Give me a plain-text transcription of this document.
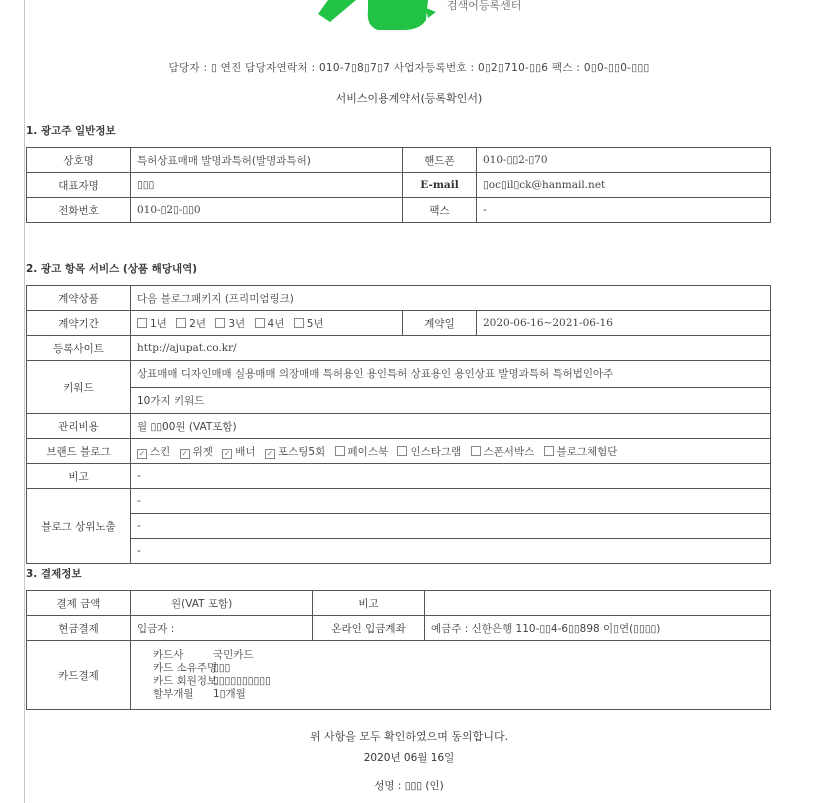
검색어등록센터
담당자 : ▯ 연진 담당자연락처 : 010-7▯8▯7▯7 사업자등록번호 : 0▯2▯710-▯▯6 팩스 : 0▯0-▯▯0-▯▯▯
서비스이용계약서(등록확인서)
1. 광고주 일반정보
상호명	특허상표매매 발명과특허(발명과특허)	핸드폰	010-▯▯2-▯70
대표자명	▯▯▯	E-mail	▯oc▯il▯ck@hanmail.net
전화번호	010-▯2▯-▯▯0	팩스	-
2. 광고 항목 서비스 (상품 해당내역)
계약상품	다음 블로그패키지 (프리미엄링크)		
계약기간	1년 2년 3년 4년 5년	계약일	2020-06-16~2021-06-16
등록사이트	http://ajupat.co.kr/		
키워드	상표매매 디자인매매 실용매매 의장매매 특허용인 용인특허 상표용인 용인상표 발명과특허 특허법인아주		
	10가지 키워드		
관리비용	월 ▯▯00원 (VAT포함)		
브랜드 블로그	✓스킨 ✓ 위젯 ✓ 배너 ✓ 포스팅5회 페이스북 인스타그램 스폰서박스 블로그체험단
비고	-		
블로그 상위노출	-		
	-		
	-		
3. 결제정보
결제 금액	원(VAT 포함)	비고	
현금결제	입금자 :	온라인 입금계좌	예금주 : 신한은행 110-▯▯4-6▯▯898 이▯연(▯▯▯▯)
카드결제	카드사 국민카드
카드 소유주명▯▯▯
카드 회원정보▯▯▯▯▯▯▯▯▯▯
할부개월 1▯개월		
위 사항을 모두 확인하였으며 동의합니다.
2020년 06월 16일
성명 : ▯▯▯ (인)
